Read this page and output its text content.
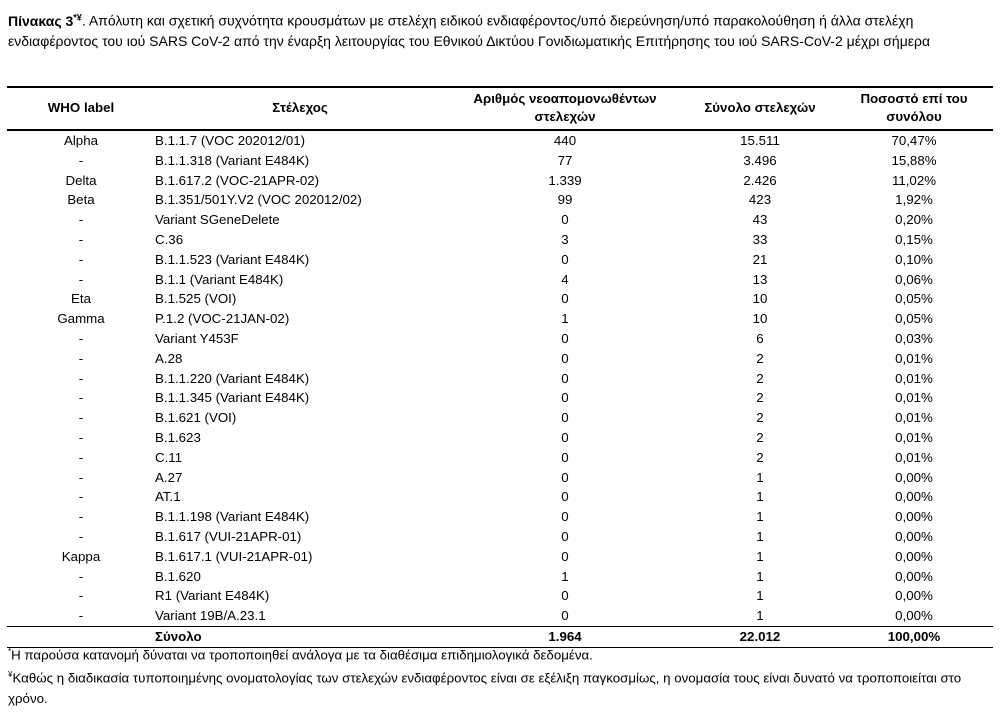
Πίνακας 3*¥. Απόλυτη και σχετική συχνότητα κρουσμάτων με στελέχη ειδικού ενδιαφέροντος/υπό διερεύνηση/υπό παρακολούθηση ή άλλα στελέχη ενδιαφέροντος του ιού SARS CoV-2 από την έναρξη λειτουργίας του Εθνικού Δικτύου Γονιδιωματικής Επιτήρησης του ιού SARS-CoV-2 μέχρι σήμερα
WHO label	Στέλεχος	Αριθμός νεοαπομονωθέντων στελεχών	Σύνολο στελεχών	Ποσοστό επί του συνόλου
Alpha	B.1.1.7 (VOC 202012/01)	440	15.511	70,47%
-	B.1.1.318 (Variant E484K)	77	3.496	15,88%
Delta	B.1.617.2 (VOC-21APR-02)	1.339	2.426	11,02%
Beta	B.1.351/501Y.V2 (VOC 202012/02)	99	423	1,92%
-	Variant SGeneDelete	0	43	0,20%
-	C.36	3	33	0,15%
-	B.1.1.523 (Variant E484K)	0	21	0,10%
-	B.1.1 (Variant E484K)	4	13	0,06%
Eta	B.1.525 (VOI)	0	10	0,05%
Gamma	P.1.2 (VOC-21JAN-02)	1	10	0,05%
-	Variant Y453F	0	6	0,03%
-	A.28	0	2	0,01%
-	B.1.1.220 (Variant E484K)	0	2	0,01%
-	B.1.1.345 (Variant E484K)	0	2	0,01%
-	B.1.621 (VOI)	0	2	0,01%
-	B.1.623	0	2	0,01%
-	C.11	0	2	0,01%
-	A.27	0	1	0,00%
-	AT.1	0	1	0,00%
-	B.1.1.198 (Variant E484K)	0	1	0,00%
-	B.1.617 (VUI-21APR-01)	0	1	0,00%
Kappa	B.1.617.1 (VUI-21APR-01)	0	1	0,00%
-	B.1.620	1	1	0,00%
-	R1 (Variant E484K)	0	1	0,00%
-	Variant 19B/A.23.1	0	1	0,00%
	Σύνολο	1.964	22.012	100,00%
*Η παρούσα κατανομή δύναται να τροποποιηθεί ανάλογα με τα διαθέσιμα επιδημιολογικά δεδομένα.
¥Καθώς η διαδικασία τυποποιημένης ονοματολογίας των στελεχών ενδιαφέροντος είναι σε εξέλιξη παγκοσμίως, η ονομασία τους είναι δυνατό να τροποποιείται στο χρόνο.
